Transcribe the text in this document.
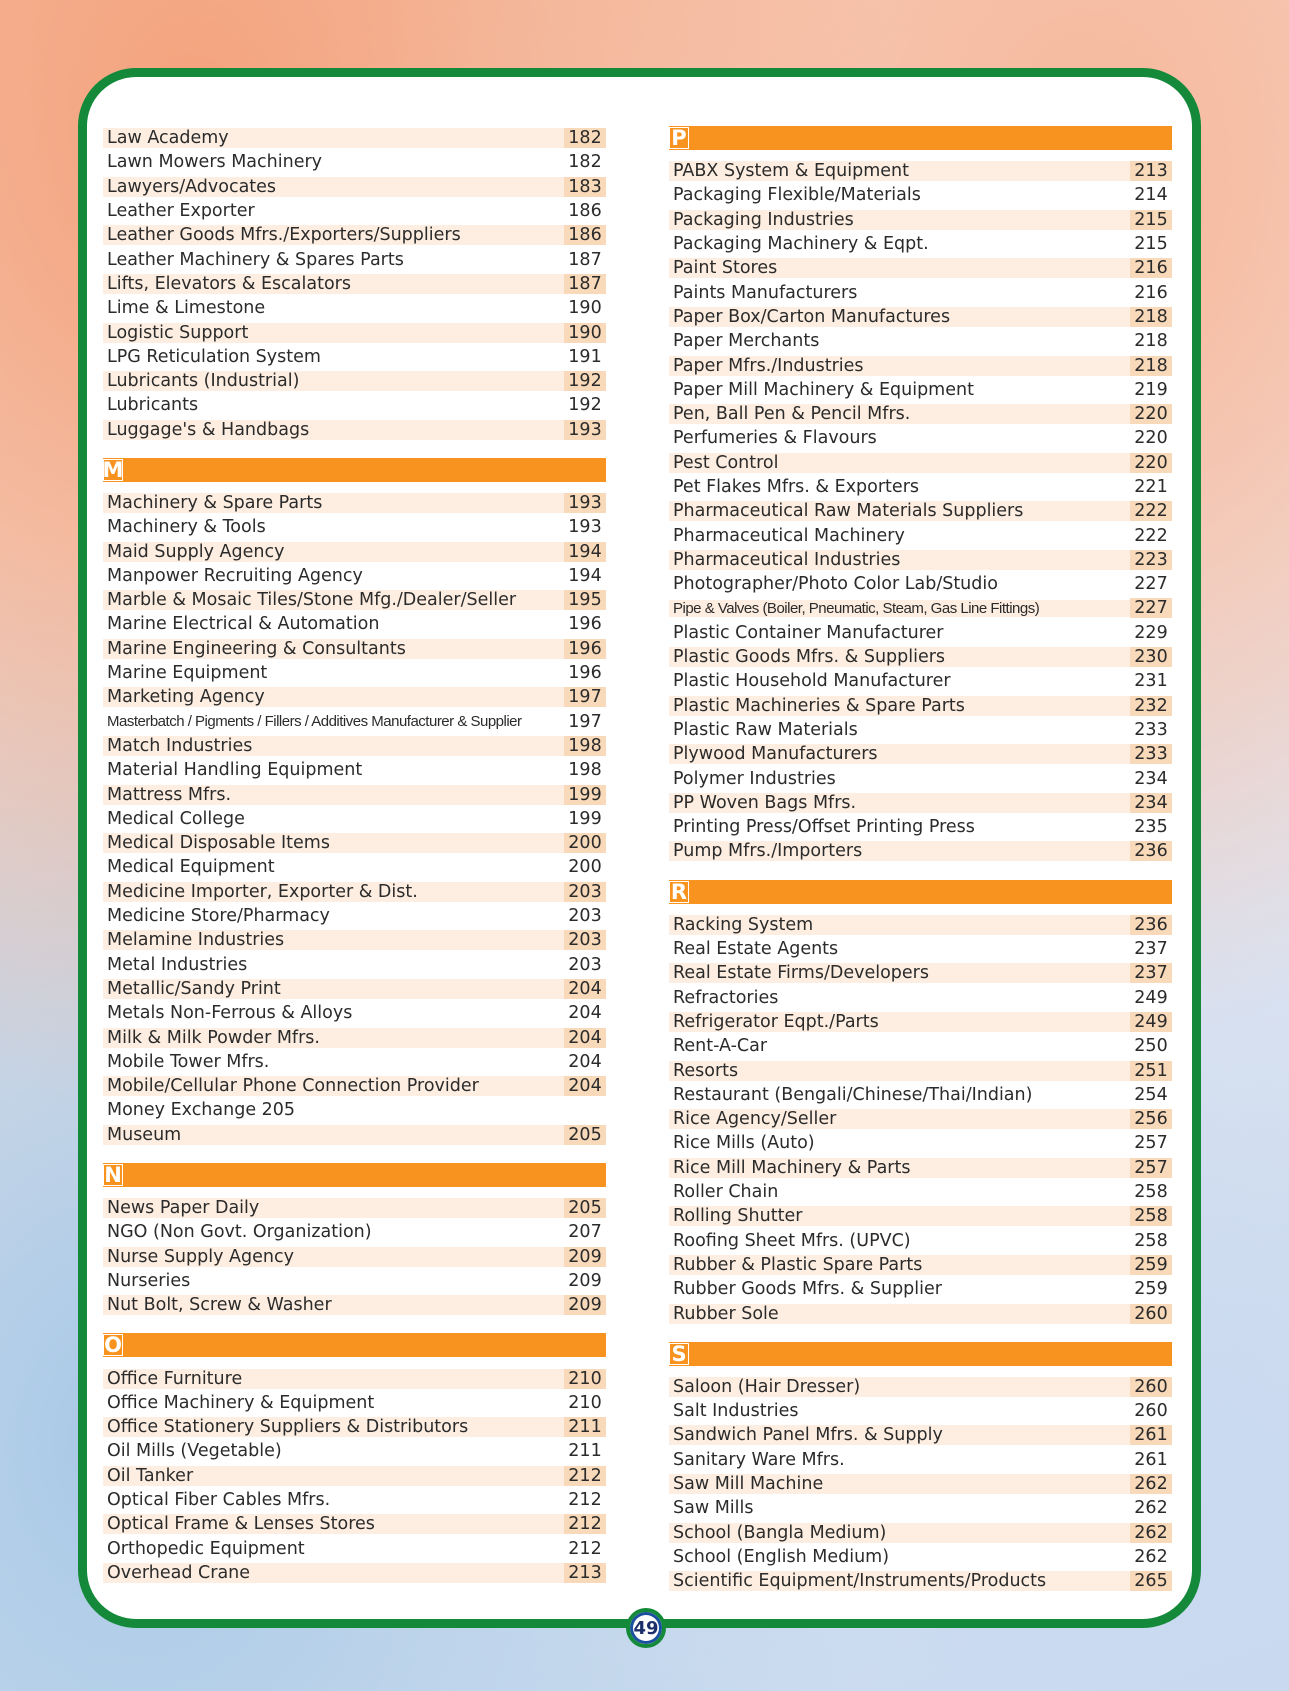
Law Academy	182
Lawn Mowers Machinery	182
Lawyers/Advocates	183
Leather Exporter	186
Leather Goods Mfrs./Exporters/Suppliers	186
Leather Machinery & Spares Parts	187
Lifts, Elevators & Escalators	187
Lime & Limestone	190
Logistic Support	190
LPG Reticulation System	191
Lubricants (Industrial)	192
Lubricants	192
Luggage's & Handbags	193
M
Machinery & Spare Parts	193
Machinery & Tools	193
Maid Supply Agency	194
Manpower Recruiting Agency	194
Marble & Mosaic Tiles/Stone Mfg./Dealer/Seller	195
Marine Electrical & Automation	196
Marine Engineering & Consultants	196
Marine Equipment	196
Marketing Agency	197
Masterbatch / Pigments / Fillers / Additives Manufacturer & Supplier	197
Match Industries	198
Material Handling Equipment	198
Mattress Mfrs.	199
Medical College	199
Medical Disposable Items	200
Medical Equipment	200
Medicine Importer, Exporter & Dist.	203
Medicine Store/Pharmacy	203
Melamine Industries	203
Metal Industries	203
Metallic/Sandy Print	204
Metals Non-Ferrous & Alloys	204
Milk & Milk Powder Mfrs.	204
Mobile Tower Mfrs.	204
Mobile/Cellular Phone Connection Provider	204
Money Exchange 205
Museum	205
N
News Paper Daily	205
NGO (Non Govt. Organization)	207
Nurse Supply Agency	209
Nurseries	209
Nut Bolt, Screw & Washer	209
O
Office Furniture	210
Office Machinery & Equipment	210
Office Stationery Suppliers & Distributors	211
Oil Mills (Vegetable)	211
Oil Tanker	212
Optical Fiber Cables Mfrs.	212
Optical Frame & Lenses Stores	212
Orthopedic Equipment	212
Overhead Crane	213
P
PABX System & Equipment	213
Packaging Flexible/Materials	214
Packaging Industries	215
Packaging Machinery & Eqpt.	215
Paint Stores	216
Paints Manufacturers	216
Paper Box/Carton Manufactures	218
Paper Merchants	218
Paper Mfrs./Industries	218
Paper Mill Machinery & Equipment	219
Pen, Ball Pen & Pencil Mfrs.	220
Perfumeries & Flavours	220
Pest Control	220
Pet Flakes Mfrs. & Exporters	221
Pharmaceutical Raw Materials Suppliers	222
Pharmaceutical Machinery	222
Pharmaceutical Industries	223
Photographer/Photo Color Lab/Studio	227
Pipe & Valves (Boiler, Pneumatic, Steam, Gas Line Fittings)	227
Plastic Container Manufacturer	229
Plastic Goods Mfrs. & Suppliers	230
Plastic Household Manufacturer	231
Plastic Machineries & Spare Parts	232
Plastic Raw Materials	233
Plywood Manufacturers	233
Polymer Industries	234
PP Woven Bags Mfrs.	234
Printing Press/Offset Printing Press	235
Pump Mfrs./Importers	236
R
Racking System	236
Real Estate Agents	237
Real Estate Firms/Developers	237
Refractories	249
Refrigerator Eqpt./Parts	249
Rent-A-Car	250
Resorts	251
Restaurant (Bengali/Chinese/Thai/Indian)	254
Rice Agency/Seller	256
Rice Mills (Auto)	257
Rice Mill Machinery & Parts	257
Roller Chain	258
Rolling Shutter	258
Roofing Sheet Mfrs. (UPVC)	258
Rubber & Plastic Spare Parts	259
Rubber Goods Mfrs. & Supplier	259
Rubber Sole	260
S
Saloon (Hair Dresser)	260
Salt Industries	260
Sandwich Panel Mfrs. & Supply	261
Sanitary Ware Mfrs.	261
Saw Mill Machine	262
Saw Mills	262
School (Bangla Medium)	262
School (English Medium)	262
Scientific Equipment/Instruments/Products	265
49
